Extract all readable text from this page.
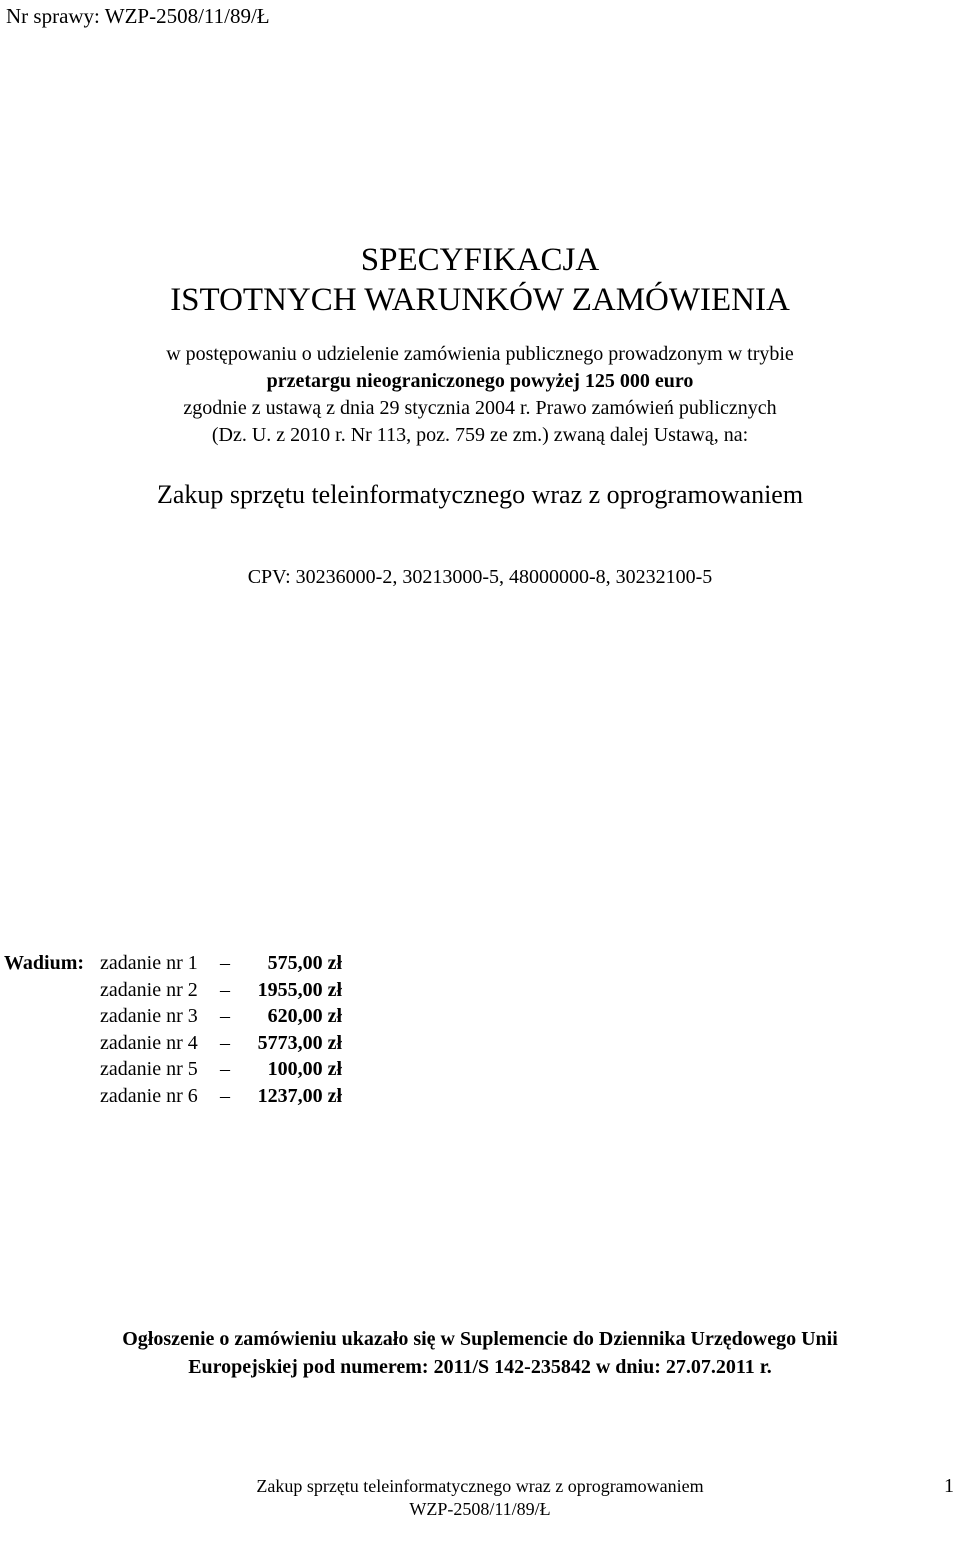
Nr sprawy: WZP-2508/11/89/Ł
SPECYFIKACJA
ISTOTNYCH WARUNKÓW ZAMÓWIENIA
w postępowaniu o udzielenie zamówienia publicznego prowadzonym w trybie
przetargu nieograniczonego powyżej 125 000 euro
zgodnie z ustawą z dnia 29 stycznia 2004 r. Prawo zamówień publicznych
(Dz. U. z 2010 r. Nr 113, poz. 759 ze zm.) zwaną dalej Ustawą, na:
Zakup sprzętu teleinformatycznego wraz z oprogramowaniem
CPV: 30236000-2, 30213000-5, 48000000-8, 30232100-5
Wadium: zadanie nr 1	–	575,00 zł
zadanie nr 2	–	1955,00 zł
zadanie nr 3	–	620,00 zł
zadanie nr 4	–	5773,00 zł
zadanie nr 5	–	100,00 zł
zadanie nr 6	–	1237,00 zł
Ogłoszenie o zamówieniu ukazało się w Suplemencie do Dziennika Urzędowego Unii
Europejskiej pod numerem: 2011/S 142-235842 w dniu: 27.07.2011 r.
Zakup sprzętu teleinformatycznego wraz z oprogramowaniem
WZP-2508/11/89/Ł
1
